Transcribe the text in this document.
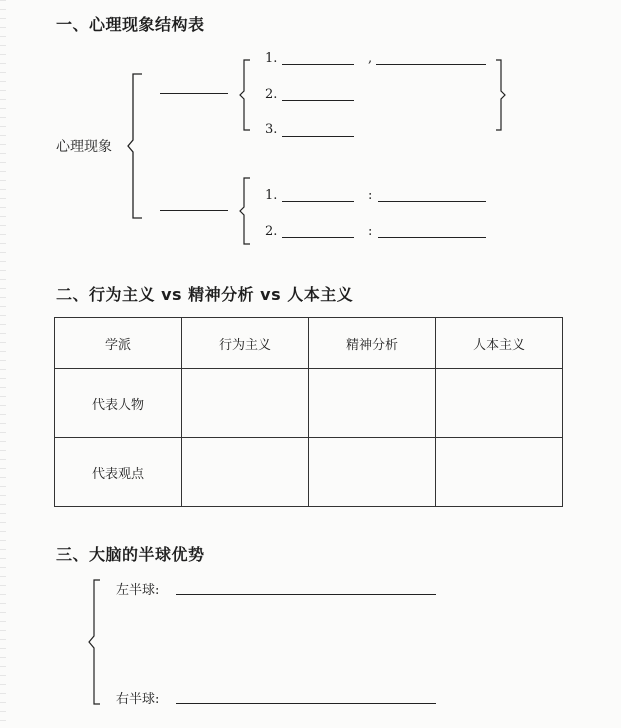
一、心理现象结构表
心理现象
1.	,
2.
3.
1.	:
2.	:
二、行为主义 vs 精神分析 vs 人本主义
学派	行为主义	精神分析	人本主义
代表人物			
代表观点			
三、大脑的半球优势
左半球:
右半球:
